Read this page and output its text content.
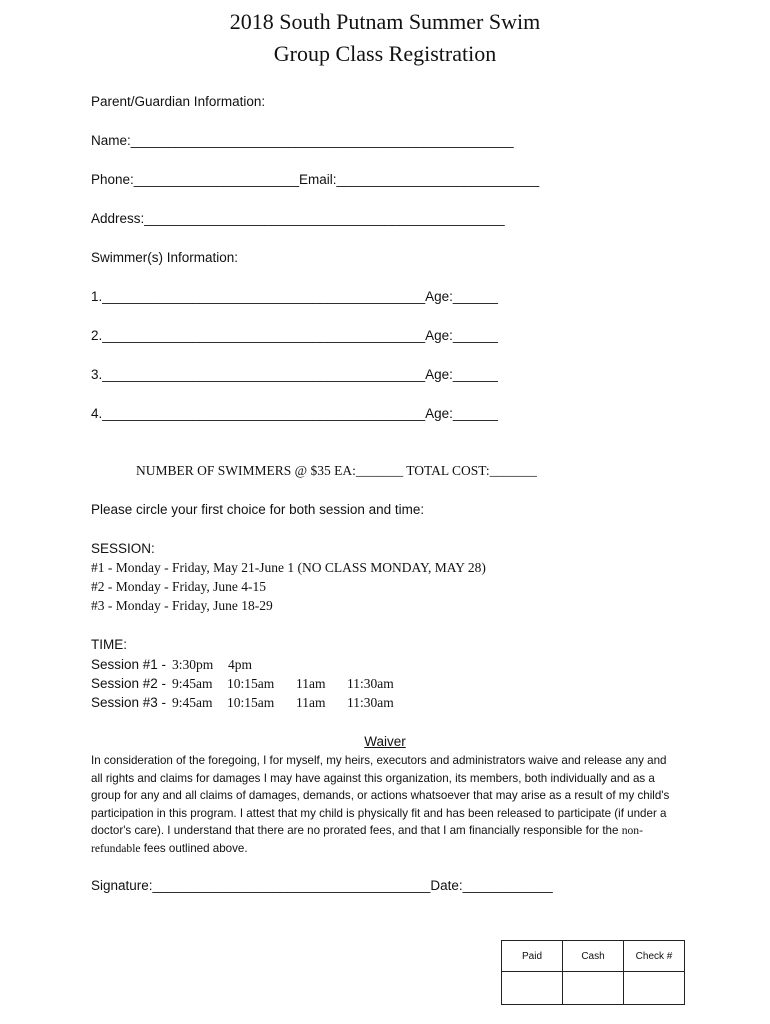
2018 South Putnam Summer Swim
Group Class Registration
Parent/Guardian Information:
Name:___________________________________________________
Phone:______________________Email:___________________________
Address:________________________________________________
Swimmer(s) Information:
1.___________________________________________Age:______
2.___________________________________________Age:______
3.___________________________________________Age:______
4.___________________________________________Age:______
NUMBER OF SWIMMERS @ $35 EA:_______ TOTAL COST:_______
Please circle your first choice for both session and time:
SESSION:
#1 - Monday - Friday, May 21-June 1 (NO CLASS MONDAY, MAY 28)
#2 - Monday - Friday, June 4-15
#3 - Monday - Friday, June 18-29
TIME:
Session #1 - 3:30pm 4pm
Session #2 - 9:45am 10:15am 11am 11:30am
Session #3 - 9:45am 10:15am 11am 11:30am
Waiver
In consideration of the foregoing, I for myself, my heirs, executors and administrators waive and release any and all rights and claims for damages I may have against this organization, its members, both individually and as a group for any and all claims of damages, demands, or actions whatsoever that may arise as a result of my child's participation in this program. I attest that my child is physically fit and has been released to participate (if under a doctor's care). I understand that there are no prorated fees, and that I am financially responsible for the non-refundable fees outlined above.
Signature:_____________________________________Date:____________
Paid	Cash	Check #
